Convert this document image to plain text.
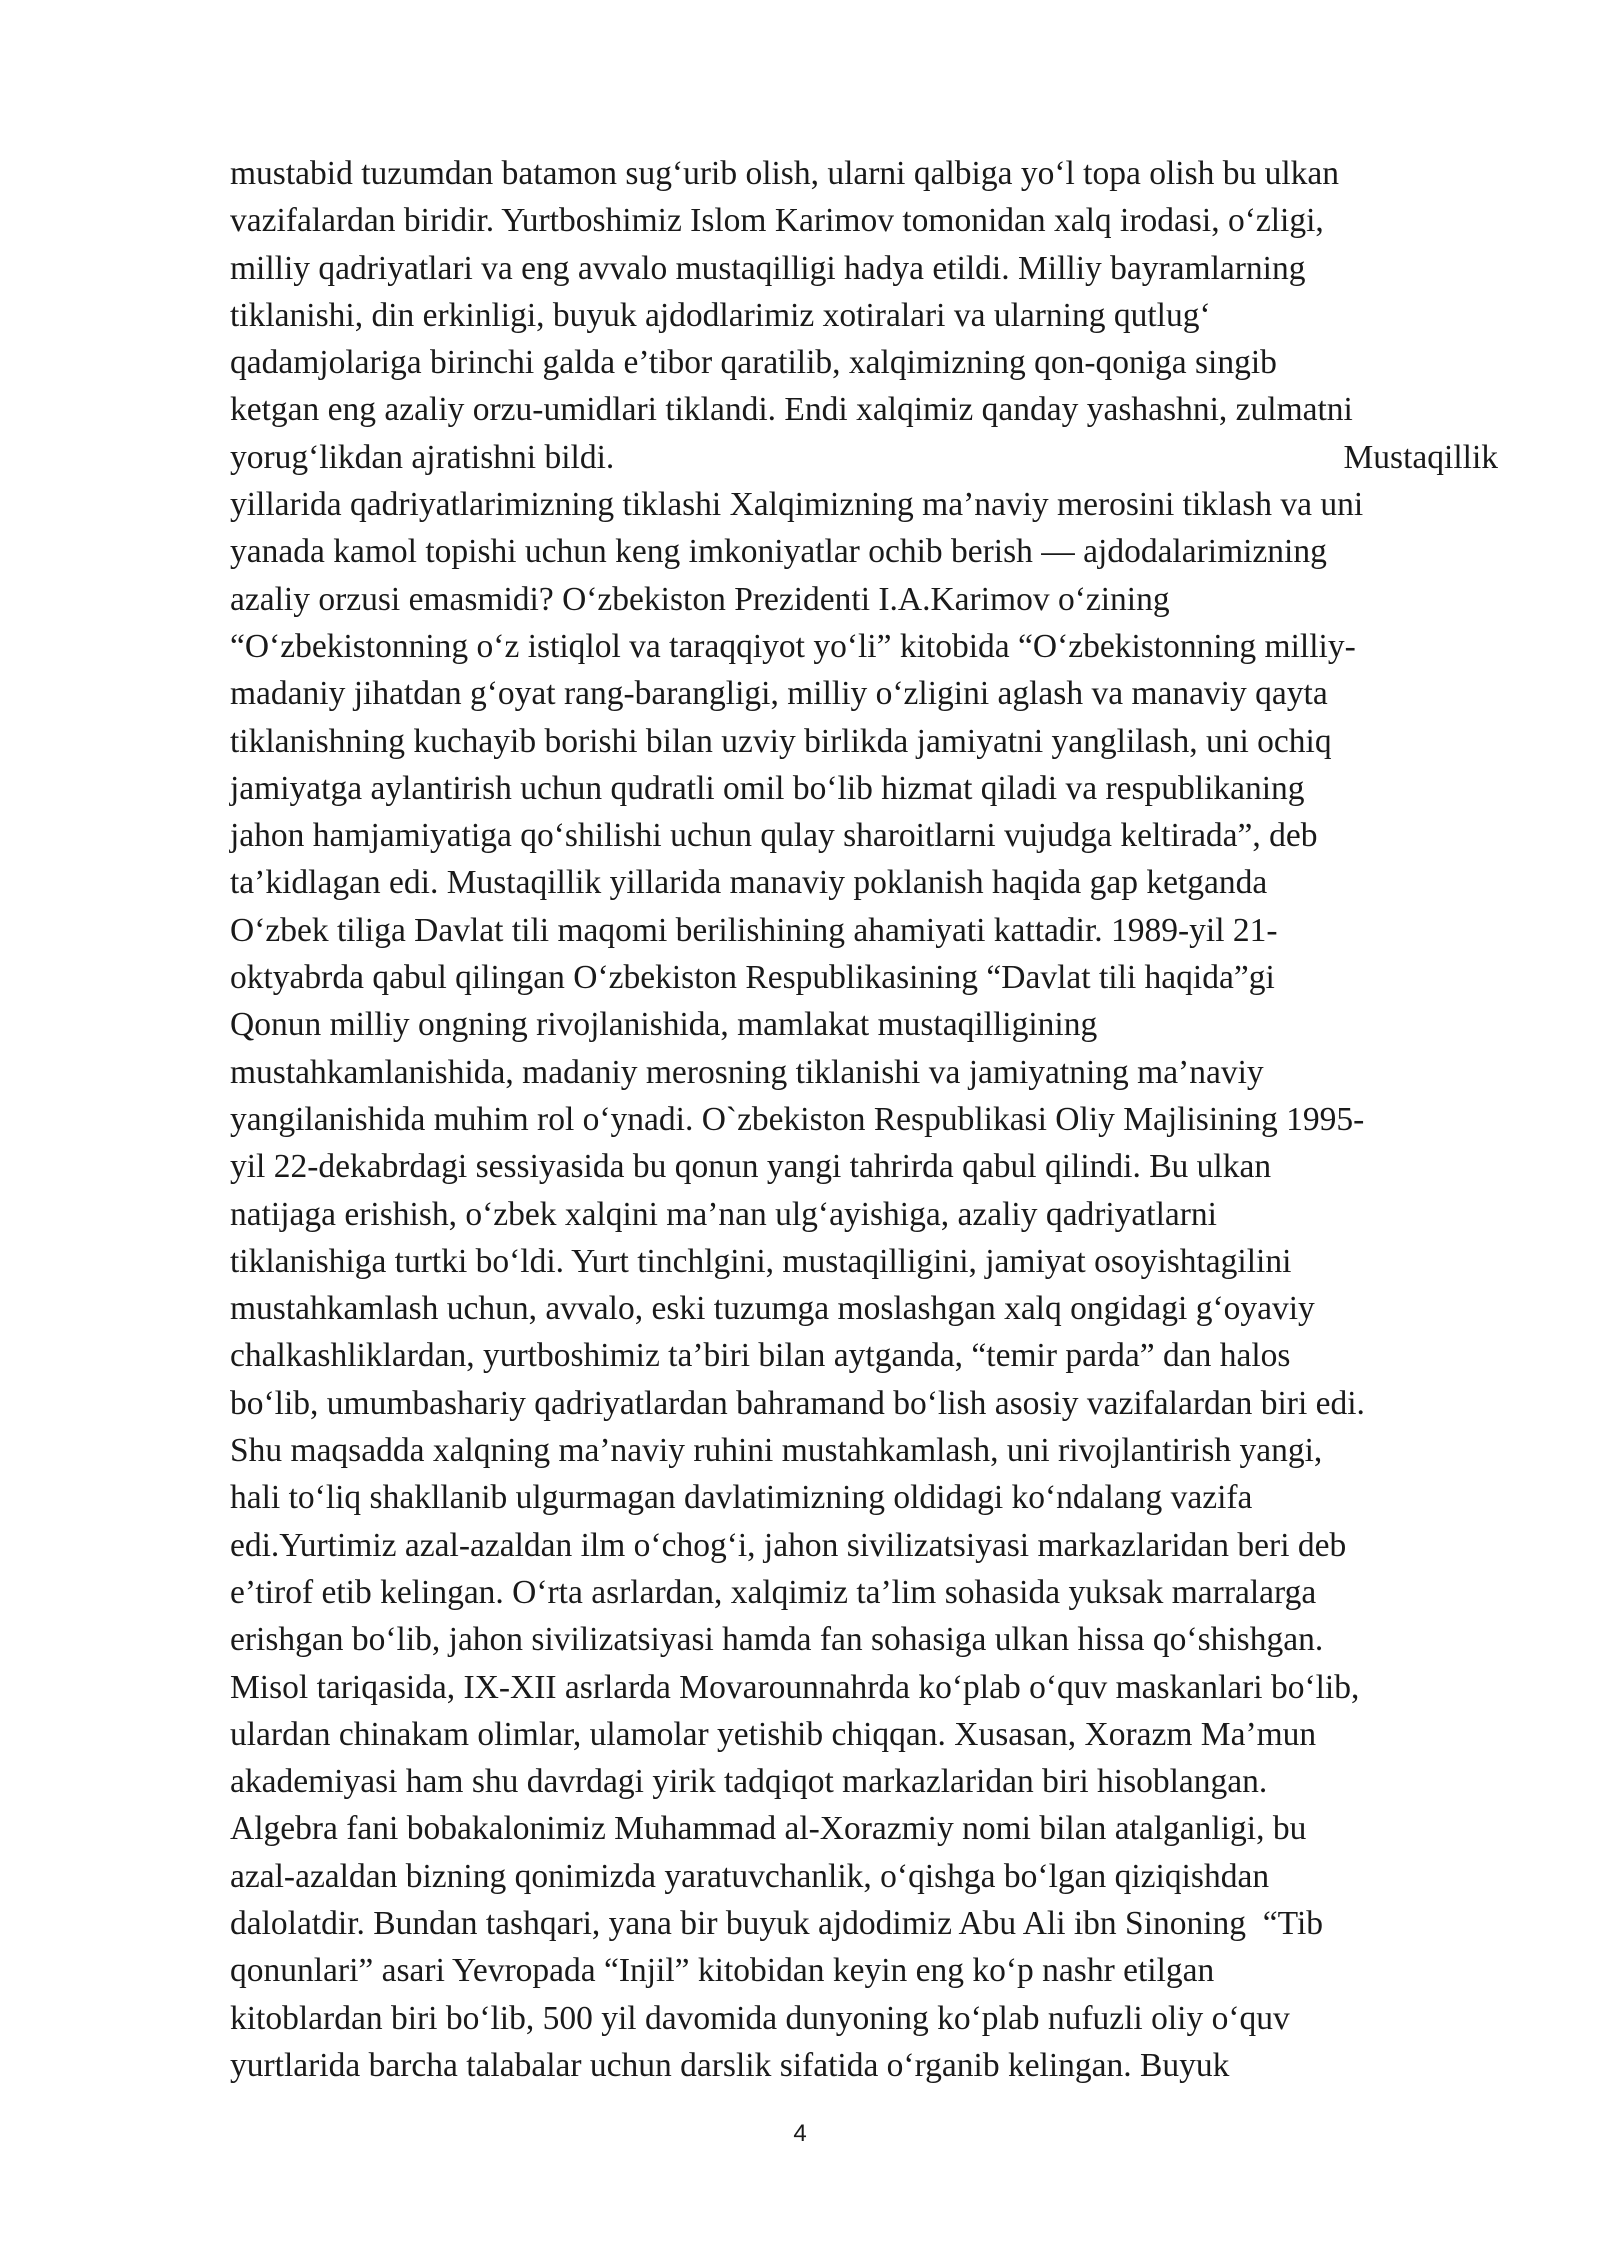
mustabid tuzumdan batamon sug‘urib olish, ularni qalbiga yo‘l topa olish bu ulkan
vazifalardan biridir. Yurtboshimiz Islom Karimov tomonidan xalq irodasi, o‘zligi,
milliy qadriyatlari va eng avvalo mustaqilligi hadya etildi. Milliy bayramlarning
tiklanishi, din erkinligi, buyuk ajdodlarimiz xotiralari va ularning qutlug‘
qadamjolariga birinchi galda e’tibor qaratilib, xalqimizning qon-qoniga singib
ketgan eng azaliy orzu-umidlari tiklandi. Endi xalqimiz qanday yashashni, zulmatni
yorug‘likdan ajratishni bildi.	Mustaqillik
yillarida qadriyatlarimizning tiklashi Xalqimizning ma’naviy merosini tiklash va uni
yanada kamol topishi uchun keng imkoniyatlar ochib berish — ajdodalarimizning
azaliy orzusi emasmidi? O‘zbekiston Prezidenti I.A.Karimov o‘zining
“O‘zbekistonning o‘z istiqlol va taraqqiyot yo‘li” kitobida “O‘zbekistonning milliy-
madaniy jihatdan g‘oyat rang-barangligi, milliy o‘zligini aglash va manaviy qayta
tiklanishning kuchayib borishi bilan uzviy birlikda jamiyatni yanglilash, uni ochiq
jamiyatga aylantirish uchun qudratli omil bo‘lib hizmat qiladi va respublikaning
jahon hamjamiyatiga qo‘shilishi uchun qulay sharoitlarni vujudga keltirada”, deb
ta’kidlagan edi. Mustaqillik yillarida manaviy poklanish haqida gap ketganda
O‘zbek tiliga Davlat tili maqomi berilishining ahamiyati kattadir. 1989-yil 21-
oktyabrda qabul qilingan O‘zbekiston Respublikasining “Davlat tili haqida”gi
Qonun milliy ongning rivojlanishida, mamlakat mustaqilligining
mustahkamlanishida, madaniy merosning tiklanishi va jamiyatning ma’naviy
yangilanishida muhim rol o‘ynadi. O`zbekiston Respublikasi Oliy Majlisining 1995-
yil 22-dekabrdagi sessiyasida bu qonun yangi tahrirda qabul qilindi. Bu ulkan
natijaga erishish, o‘zbek xalqini ma’nan ulg‘ayishiga, azaliy qadriyatlarni
tiklanishiga turtki bo‘ldi. Yurt tinchlgini, mustaqilligini, jamiyat osoyishtagilini
mustahkamlash uchun, avvalo, eski tuzumga moslashgan xalq ongidagi g‘oyaviy
chalkashliklardan, yurtboshimiz ta’biri bilan aytganda, “temir parda” dan halos
bo‘lib, umumbashariy qadriyatlardan bahramand bo‘lish asosiy vazifalardan biri edi.
Shu maqsadda xalqning ma’naviy ruhini mustahkamlash, uni rivojlantirish yangi,
hali to‘liq shakllanib ulgurmagan davlatimizning oldidagi ko‘ndalang vazifa
edi.Yurtimiz azal-azaldan ilm o‘chog‘i, jahon sivilizatsiyasi markazlaridan beri deb
e’tirof etib kelingan. O‘rta asrlardan, xalqimiz ta’lim sohasida yuksak marralarga
erishgan bo‘lib, jahon sivilizatsiyasi hamda fan sohasiga ulkan hissa qo‘shishgan.
Misol tariqasida, IX-XII asrlarda Movarounnahrda ko‘plab o‘quv maskanlari bo‘lib,
ulardan chinakam olimlar, ulamolar yetishib chiqqan. Xusasan, Xorazm Ma’mun
akademiyasi ham shu davrdagi yirik tadqiqot markazlaridan biri hisoblangan.
Algebra fani bobakalonimiz Muhammad al-Xorazmiy nomi bilan atalganligi, bu
azal-azaldan bizning qonimizda yaratuvchanlik, o‘qishga bo‘lgan qiziqishdan
dalolatdir. Bundan tashqari, yana bir buyuk ajdodimiz Abu Ali ibn Sinoning  “Tib
qonunlari” asari Yevropada “Injil” kitobidan keyin eng ko‘p nashr etilgan
kitoblardan biri bo‘lib, 500 yil davomida dunyoning ko‘plab nufuzli oliy o‘quv
yurtlarida barcha talabalar uchun darslik sifatida o‘rganib kelingan. Buyuk
4
